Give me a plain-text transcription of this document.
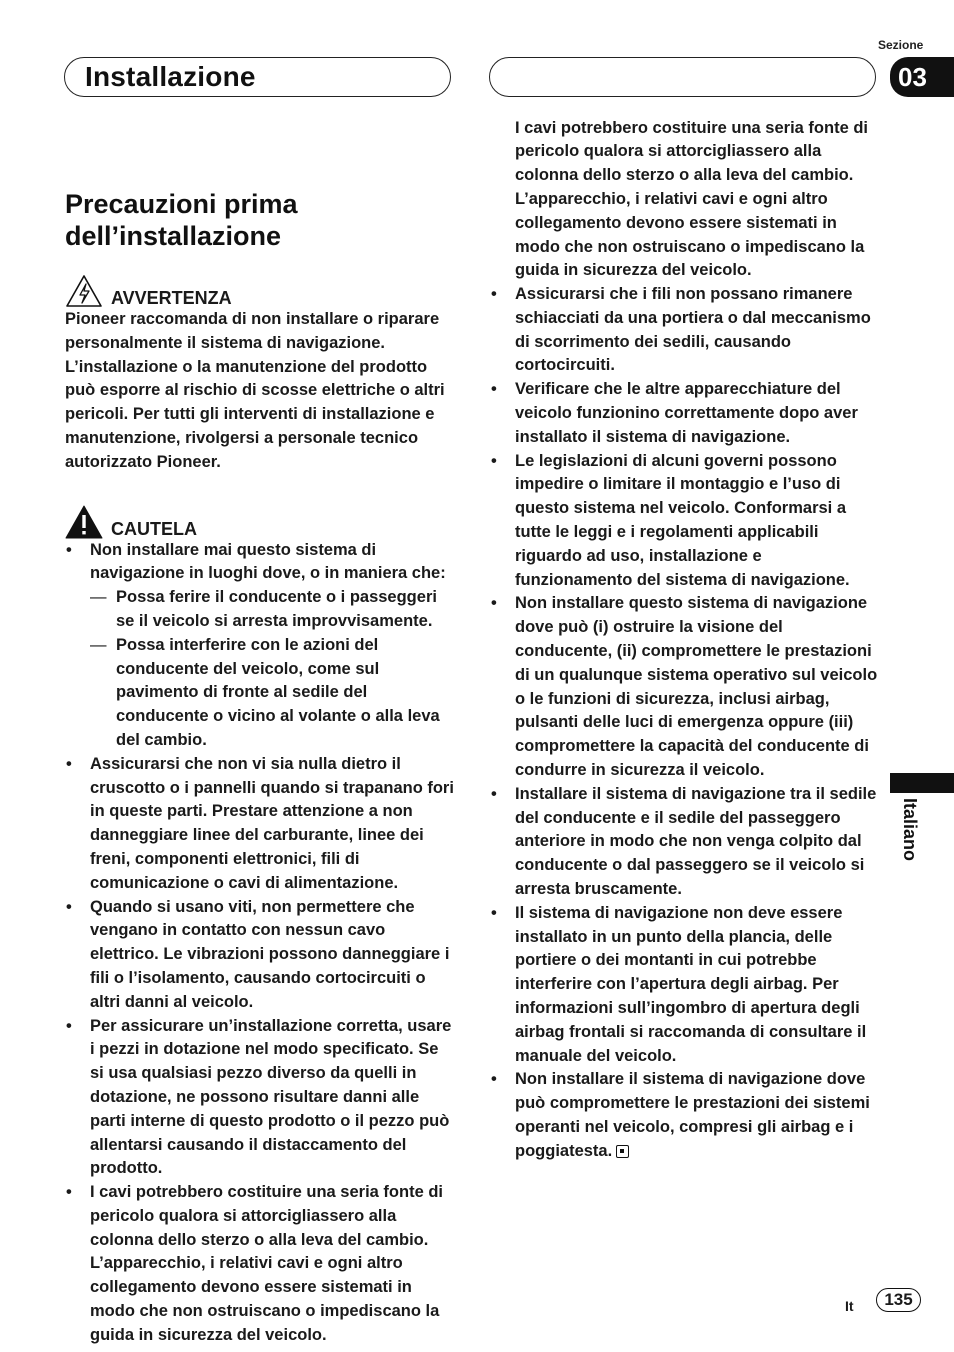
Installazione
Sezione
03
Italiano
Precauzioni prima dell’installazione
AVVERTENZA

Pioneer raccomanda di non installare o riparare personalmente il sistema di navigazione. L’installazione o la manutenzione del prodotto può esporre al rischio di scosse elettriche o altri pericoli. Per tutti gli interventi di installazione e manutenzione, rivolgersi a personale tecnico autorizzato Pioneer.

CAUTELA
• Non installare mai questo sistema di navigazione in luoghi dove, o in maniera che:
— Possa ferire il conducente o i passeggeri se il veicolo si arresta improvvisamente.
— Possa interferire con le azioni del conducente del veicolo, come sul pavimento di fronte al sedile del conducente o vicino al volante o alla leva del cambio.
• Assicurarsi che non vi sia nulla dietro il cruscotto o i pannelli quando si trapanano fori in queste parti. Prestare attenzione a non danneggiare linee del carburante, linee dei freni, componenti elettronici, fili di comunicazione o cavi di alimentazione.
• Quando si usano viti, non permettere che vengano in contatto con nessun cavo elettrico. Le vibrazioni possono danneggiare i fili o l’isolamento, causando cortocircuiti o altri danni al veicolo.
• Per assicurare un’installazione corretta, usare i pezzi in dotazione nel modo specificato. Se si usa qualsiasi pezzo diverso da quelli in dotazione, ne possono risultare danni alle parti interne di questo prodotto o il pezzo può allentarsi causando il distaccamento del prodotto.
• I cavi potrebbero costituire una seria fonte di pericolo qualora si attorcigliassero alla colonna dello sterzo o alla leva del cambio. L’apparecchio, i relativi cavi e ogni altro collegamento devono essere sistemati in modo che non ostruiscano o impediscano la guida in sicurezza del veicolo.
I cavi potrebbero costituire una seria fonte di pericolo qualora si attorcigliassero alla colonna dello sterzo o alla leva del cambio. L’apparecchio, i relativi cavi e ogni altro collegamento devono essere sistemati in modo che non ostruiscano o impediscano la guida in sicurezza del veicolo.
• Assicurarsi che i fili non possano rimanere schiacciati da una portiera o dal meccanismo di scorrimento dei sedili, causando cortocircuiti.
• Verificare che le altre apparecchiature del veicolo funzionino correttamente dopo aver installato il sistema di navigazione.
• Le legislazioni di alcuni governi possono impedire o limitare il montaggio e l’uso di questo sistema nel veicolo. Conformarsi a tutte le leggi e i regolamenti applicabili riguardo ad uso, installazione e funzionamento del sistema di navigazione.
• Non installare questo sistema di navigazione dove può (i) ostruire la visione del conducente, (ii) compromettere le prestazioni di un qualunque sistema operativo sul veicolo o le funzioni di sicurezza, inclusi airbag, pulsanti delle luci di emergenza oppure (iii) compromettere la capacità del conducente di condurre in sicurezza il veicolo.
• Installare il sistema di navigazione tra il sedile del conducente e il sedile del passeggero anteriore in modo che non venga colpito dal conducente o dal passeggero se il veicolo si arresta bruscamente.
• Il sistema di navigazione non deve essere installato in un punto della plancia, delle portiere o dei montanti in cui potrebbe interferire con l’apertura degli airbag. Per informazioni sull’ingombro di apertura degli airbag frontali si raccomanda di consultare il manuale del veicolo.
• Non installare il sistema di navigazione dove può compromettere le prestazioni dei sistemi operanti nel veicolo, compresi gli airbag e i poggiatesta.
It	135
